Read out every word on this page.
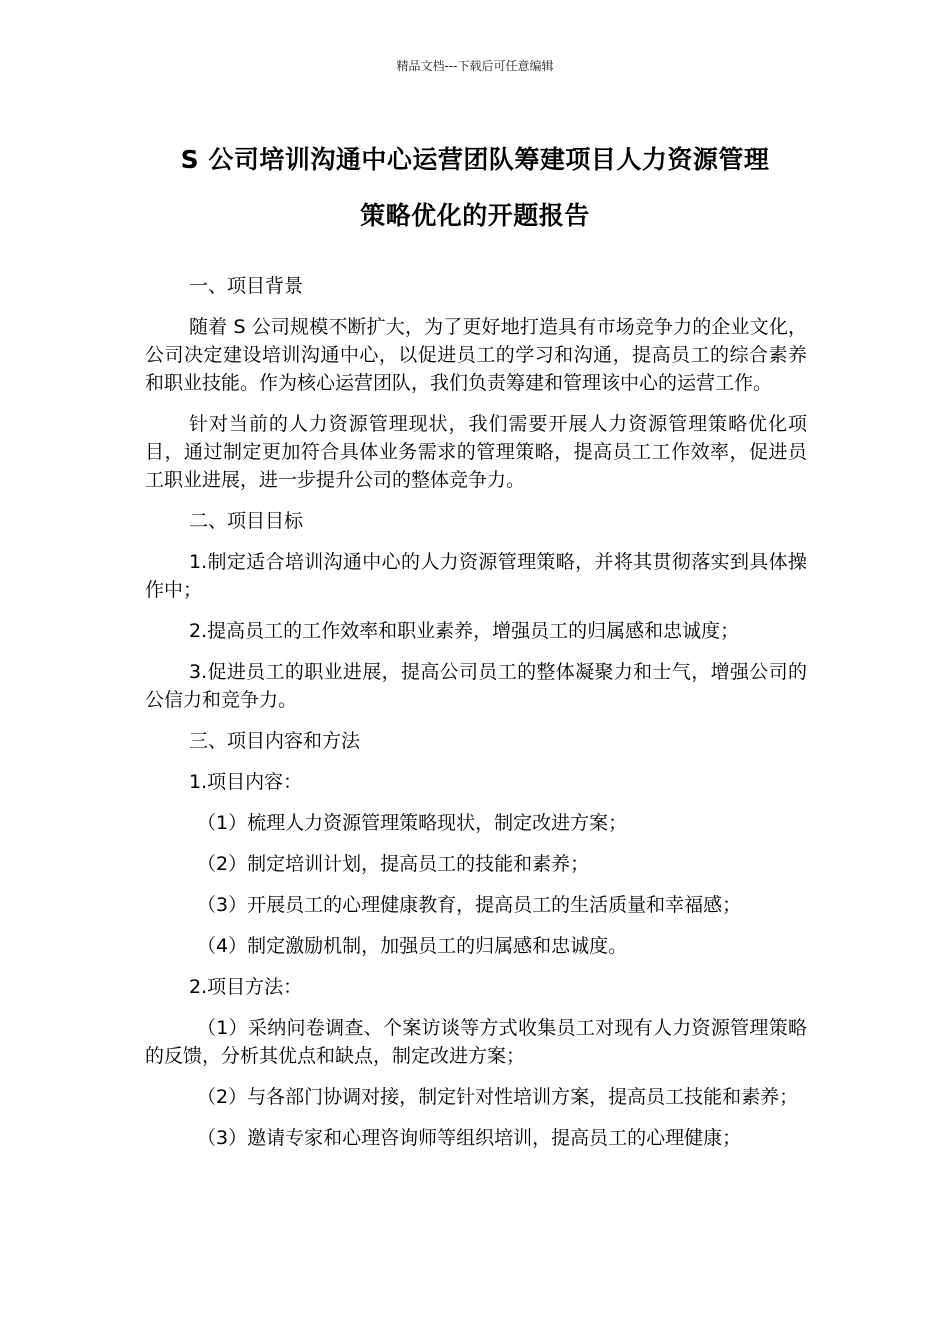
精品文档---下载后可任意编辑
S 公司培训沟通中心运营团队筹建项目人力资源管理
策略优化的开题报告

一、项目背景

随着 S 公司规模不断扩大，为了更好地打造具有市场竞争力的企业文化，公司决定建设培训沟通中心，以促进员工的学习和沟通，提高员工的综合素养和职业技能。作为核心运营团队，我们负责筹建和管理该中心的运营工作。

针对当前的人力资源管理现状，我们需要开展人力资源管理策略优化项目，通过制定更加符合具体业务需求的管理策略，提高员工工作效率，促进员工职业进展，进一步提升公司的整体竞争力。

二、项目目标

1.制定适合培训沟通中心的人力资源管理策略，并将其贯彻落实到具体操作中；

2.提高员工的工作效率和职业素养，增强员工的归属感和忠诚度；

3.促进员工的职业进展，提高公司员工的整体凝聚力和士气，增强公司的公信力和竞争力。

三、项目内容和方法

1.项目内容：

（1）梳理人力资源管理策略现状，制定改进方案；

（2）制定培训计划，提高员工的技能和素养；

（3）开展员工的心理健康教育，提高员工的生活质量和幸福感；

（4）制定激励机制，加强员工的归属感和忠诚度。

2.项目方法：

（1）采纳问卷调查、个案访谈等方式收集员工对现有人力资源管理策略的反馈，分析其优点和缺点，制定改进方案；

（2）与各部门协调对接，制定针对性培训方案，提高员工技能和素养；

（3）邀请专家和心理咨询师等组织培训，提高员工的心理健康；
